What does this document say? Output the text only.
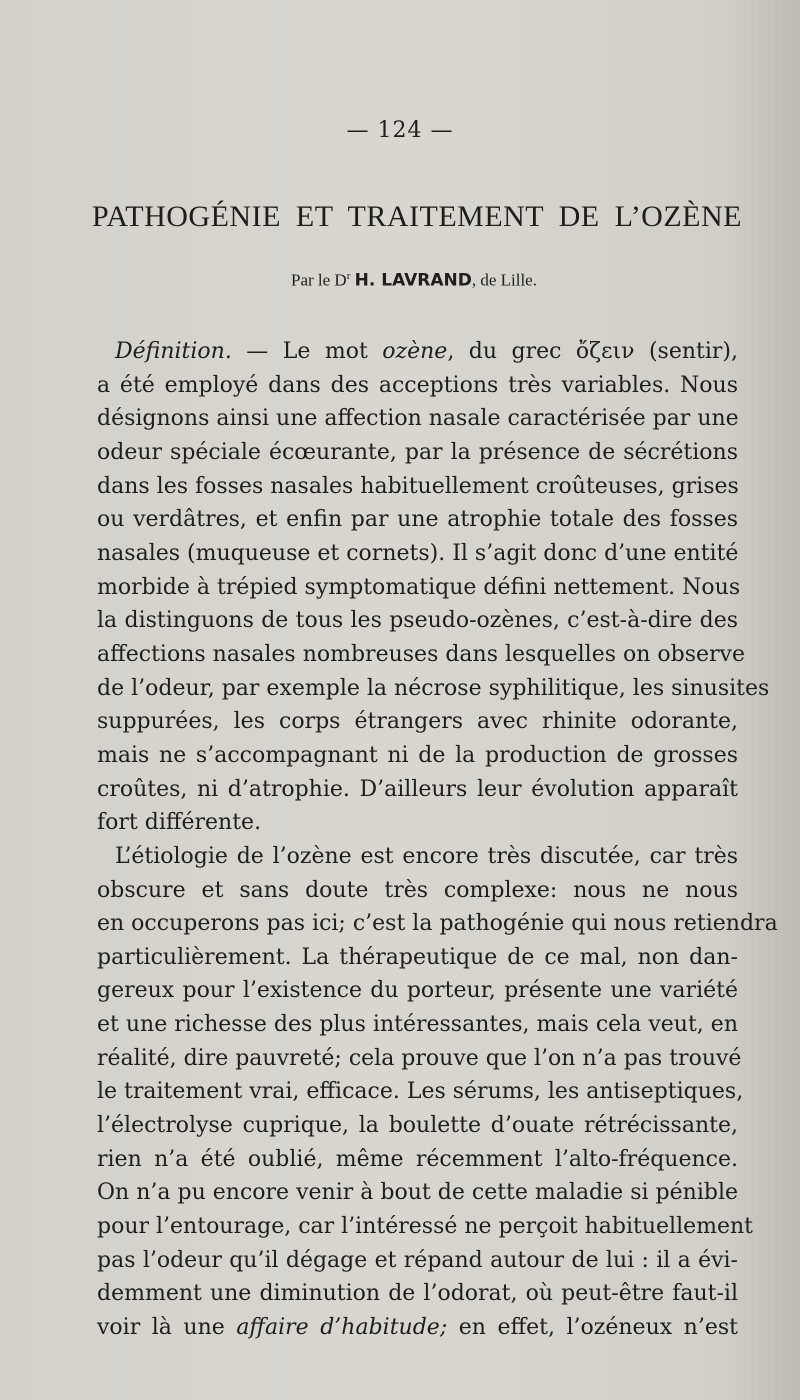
— 124 —
PATHOGÉNIE ET TRAITEMENT DE L’OZÈNE
Par le $D^r$ H. LAVRAND, de Lille.
Définition. — Le mot ozène, du grec ὄζειν (sentir),
a été employé dans des acceptions très variables. Nous
désignons ainsi une affection nasale caractérisée par une
odeur spéciale écœurante, par la présence de sécrétions
dans les fosses nasales habituellement croûteuses, grises
ou verdâtres, et enfin par une atrophie totale des fosses
nasales (muqueuse et cornets). Il s’agit donc d’une entité
morbide à trépied symptomatique défini nettement. Nous
la distinguons de tous les pseudo-ozènes, c’est-à-dire des
affections nasales nombreuses dans lesquelles on observe
de l’odeur, par exemple la nécrose syphilitique, les sinusites
suppurées, les corps étrangers avec rhinite odorante,
mais ne s’accompagnant ni de la production de grosses
croûtes, ni d’atrophie. D’ailleurs leur évolution apparaît
fort différente.
L’étiologie de l’ozène est encore très discutée, car très
obscure et sans doute très complexe: nous ne nous
en occuperons pas ici; c’est la pathogénie qui nous retiendra
particulièrement. La thérapeutique de ce mal, non dan-
gereux pour l’existence du porteur, présente une variété
et une richesse des plus intéressantes, mais cela veut, en
réalité, dire pauvreté; cela prouve que l’on n’a pas trouvé
le traitement vrai, efficace. Les sérums, les antiseptiques,
l’électrolyse cuprique, la boulette d’ouate rétrécissante,
rien n’a été oublié, même récemment l’alto-fréquence.
On n’a pu encore venir à bout de cette maladie si pénible
pour l’entourage, car l’intéressé ne perçoit habituellement
pas l’odeur qu’il dégage et répand autour de lui : il a évi-
demment une diminution de l’odorat, où peut-être faut-il
voir là une affaire d’habitude; en effet, l’ozéneux n’est
